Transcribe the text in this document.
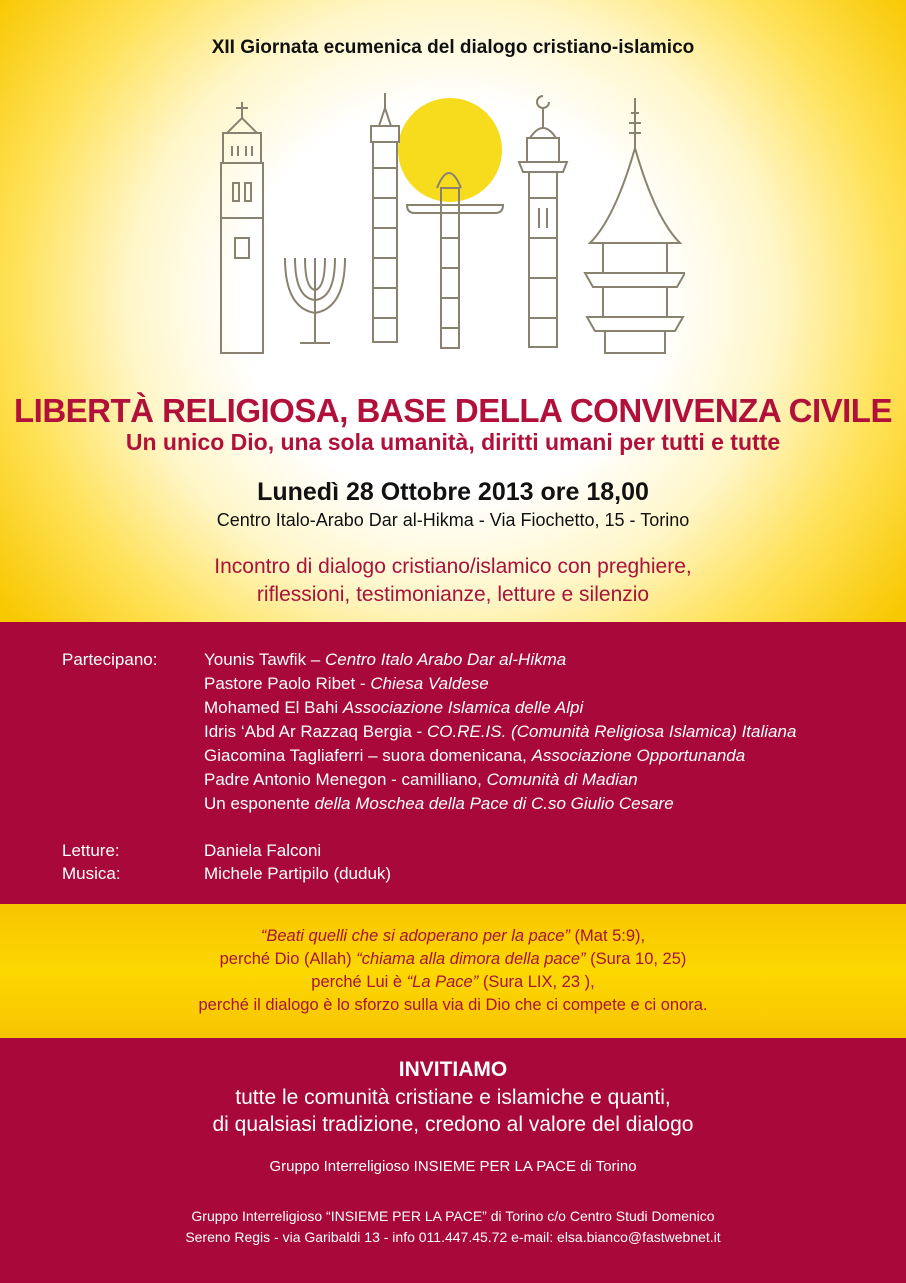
XII Giornata ecumenica del dialogo cristiano-islamico
LIBERTÀ RELIGIOSA, BASE DELLA CONVIVENZA CIVILE
Un unico Dio, una sola umanità, diritti umani per tutti e tutte
Lunedì 28 Ottobre 2013 ore 18,00
Centro Italo-Arabo Dar al-Hikma - Via Fiochetto, 15 - Torino
Incontro di dialogo cristiano/islamico con preghiere,
riflessioni, testimonianze, letture e silenzio
Partecipano:	Younis Tawfik – Centro Italo Arabo Dar al-Hikma
Pastore Paolo Ribet - Chiesa Valdese
Mohamed El Bahi Associazione Islamica delle Alpi
Idris ‘Abd Ar Razzaq Bergia - CO.RE.IS. (Comunità Religiosa Islamica) Italiana
Giacomina Tagliaferri – suora domenicana, Associazione Opportunanda
Padre Antonio Menegon - camilliano, Comunità di Madian
Un esponente della Moschea della Pace di C.so Giulio Cesare
Letture:	Daniela Falconi
Musica:	Michele Partipilo (duduk)
“Beati quelli che si adoperano per la pace” (Mat 5:9),
perché Dio (Allah) “chiama alla dimora della pace” (Sura 10, 25)
perché Lui è “La Pace” (Sura LIX, 23 ),
perché il dialogo è lo sforzo sulla via di Dio che ci compete e ci onora.
INVITIAMO
tutte le comunità cristiane e islamiche e quanti,
di qualsiasi tradizione, credono al valore del dialogo
Gruppo Interreligioso INSIEME PER LA PACE di Torino
Gruppo Interreligioso “INSIEME PER LA PACE” di Torino c/o Centro Studi Domenico
Sereno Regis - via Garibaldi 13 - info 011.447.45.72 e-mail: elsa.bianco@fastwebnet.it
